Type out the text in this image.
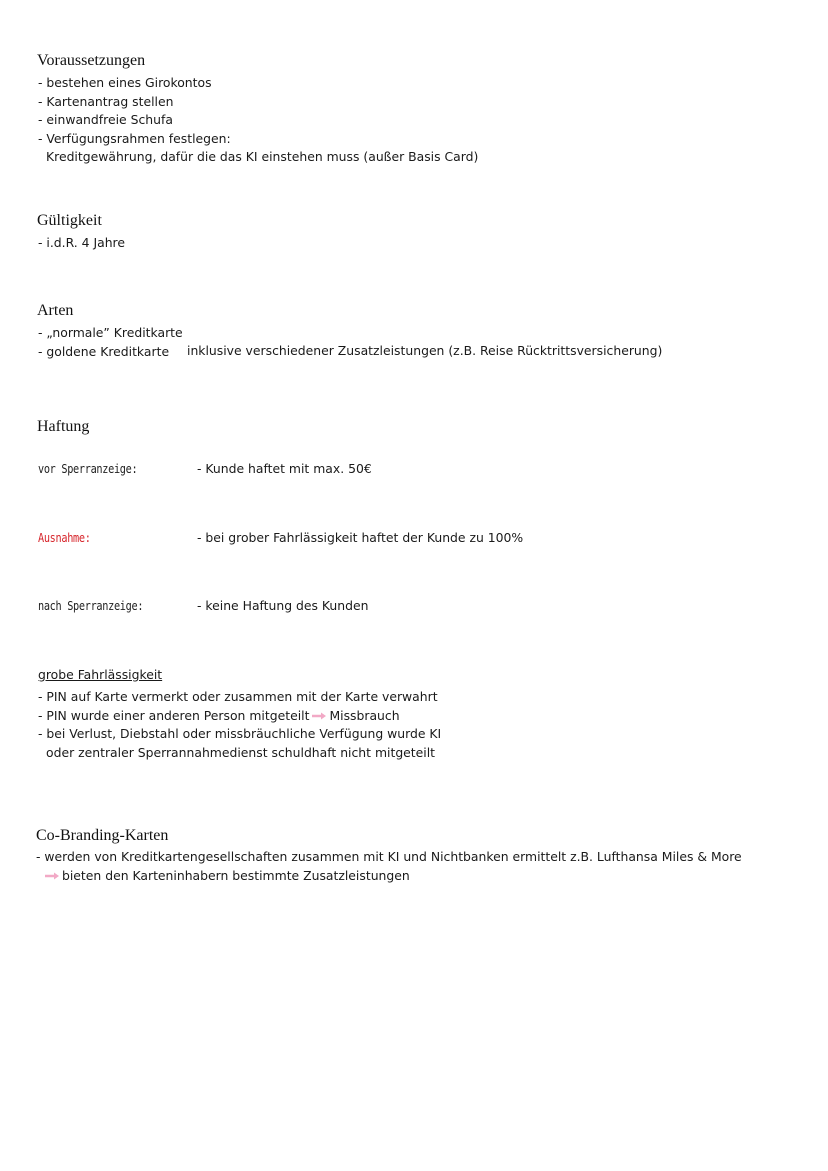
Voraussetzungen
- bestehen eines Girokontos
- Kartenantrag stellen
- einwandfreie Schufa
- Verfügungsrahmen festlegen:
Kreditgewährung, dafür die das KI einstehen muss (außer Basis Card)
Gültigkeit
- i.d.R. 4 Jahre
Arten
- „normale” Kreditkarte
- goldene Kreditkarte	inklusive verschiedener Zusatzleistungen (z.B. Reise Rücktrittsversicherung)
Haftung
vor Sperranzeige:	- Kunde haftet mit max. 50€
Ausnahme:	- bei grober Fahrlässigkeit haftet der Kunde zu 100%
nach Sperranzeige:	- keine Haftung des Kunden
grobe Fahrlässigkeit
- PIN auf Karte vermerkt oder zusammen mit der Karte verwahrt
- PIN wurde einer anderen Person mitgeteilt Missbrauch
- bei Verlust, Diebstahl oder missbräuchliche Verfügung wurde KI
oder zentraler Sperrannahmedienst schuldhaft nicht mitgeteilt
Co-Branding-Karten
- werden von Kreditkartengesellschaften zusammen mit KI und Nichtbanken ermittelt z.B. Lufthansa Miles & More
bieten den Karteninhabern bestimmte Zusatzleistungen
